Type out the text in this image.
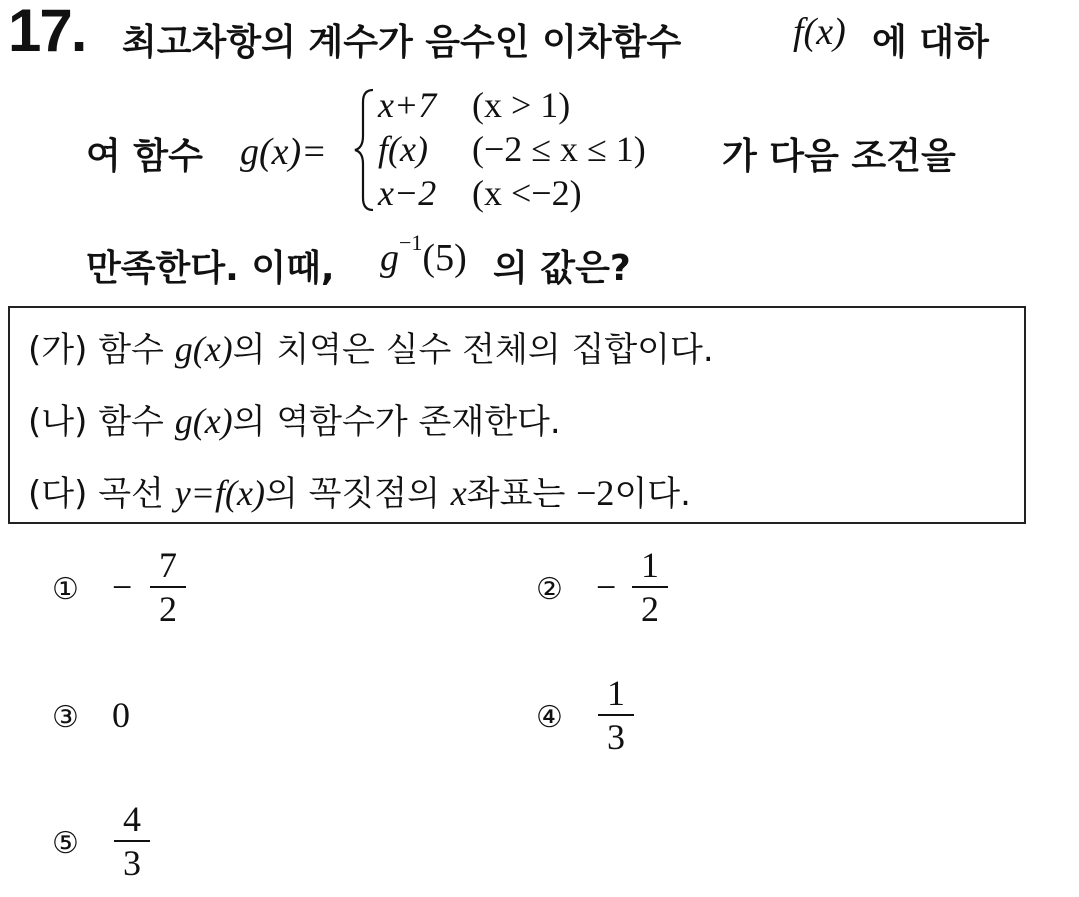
17. 최고차항의 계수가 음수인 이차함수	f(x) 에 대하
여 함수 g(x)=
x+7 (x > 1)
f(x) (−2 ≤ x ≤ 1)
x−2 (x <−2)
가 다음 조건을
만족한다. 이때, $g^{-1}(5)$ 의 값은?
(가) 함수 g(x)의 치역은 실수 전체의 집합이다.
(나) 함수 g(x)의 역함수가 존재한다.
(다) 곡선 y=f(x)의 꼭짓점의 x좌표는 −2이다.
① −
7
2	② −
1
2
③ 0	④
1
3
⑤
4
3
